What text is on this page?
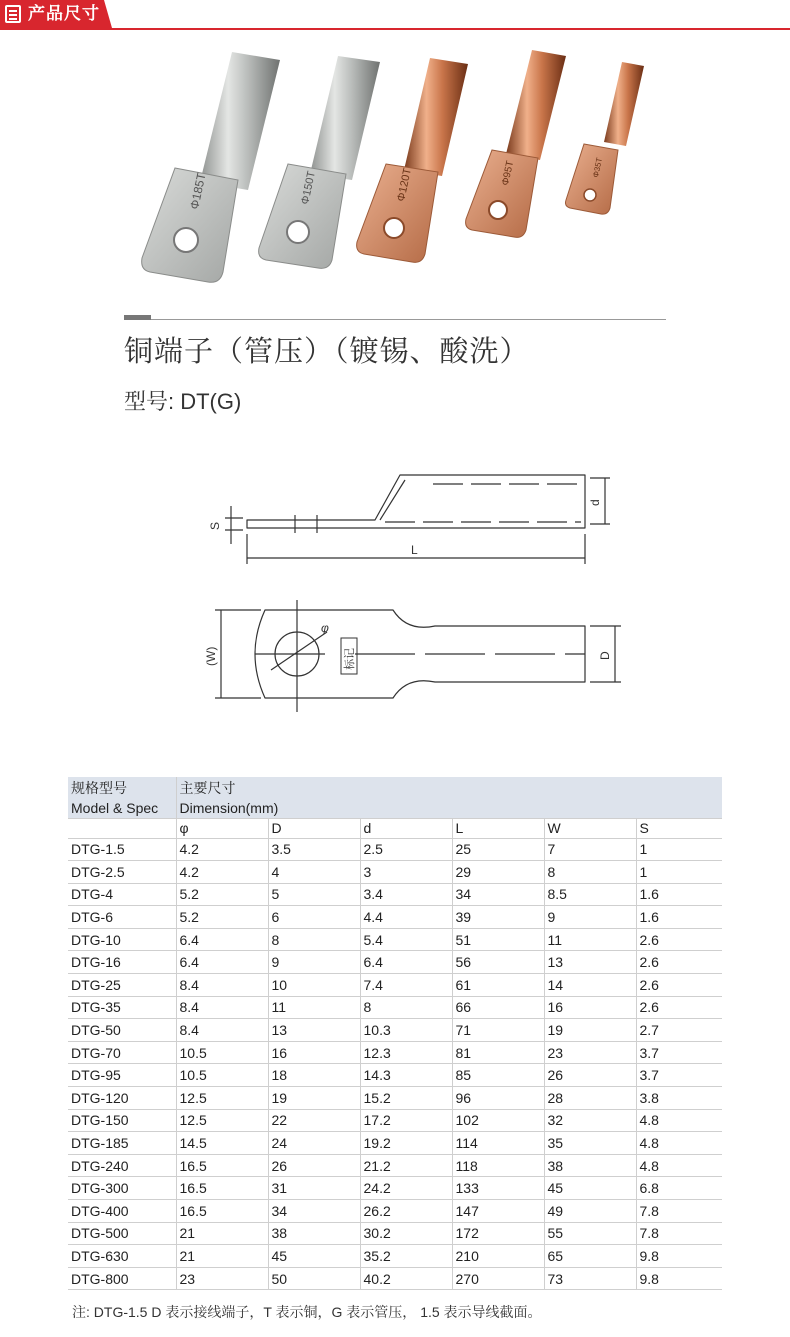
产品尺寸
Φ185T	Φ150T	Φ120T	Φ95T	Φ35T
铜端子（管压）（镀锡、酸洗）
型号: DT(G)
S
d
L
(W)
φ
标记	D
规格型号	主要尺寸					
Model & Spec	Dimension(mm)					
	φ	D	d	L	W	S
DTG-1.5	4.2	3.5	2.5	25	7	1
DTG-2.5	4.2	4	3	29	8	1
DTG-4	5.2	5	3.4	34	8.5	1.6
DTG-6	5.2	6	4.4	39	9	1.6
DTG-10	6.4	8	5.4	51	11	2.6
DTG-16	6.4	9	6.4	56	13	2.6
DTG-25	8.4	10	7.4	61	14	2.6
DTG-35	8.4	11	8	66	16	2.6
DTG-50	8.4	13	10.3	71	19	2.7
DTG-70	10.5	16	12.3	81	23	3.7
DTG-95	10.5	18	14.3	85	26	3.7
DTG-120	12.5	19	15.2	96	28	3.8
DTG-150	12.5	22	17.2	102	32	4.8
DTG-185	14.5	24	19.2	114	35	4.8
DTG-240	16.5	26	21.2	118	38	4.8
DTG-300	16.5	31	24.2	133	45	6.8
DTG-400	16.5	34	26.2	147	49	7.8
DTG-500	21	38	30.2	172	55	7.8
DTG-630	21	45	35.2	210	65	9.8
DTG-800	23	50	40.2	270	73	9.8
注: DTG-1.5 D 表示接线端子，T 表示铜，G 表示管压， 1.5 表示导线截面。
